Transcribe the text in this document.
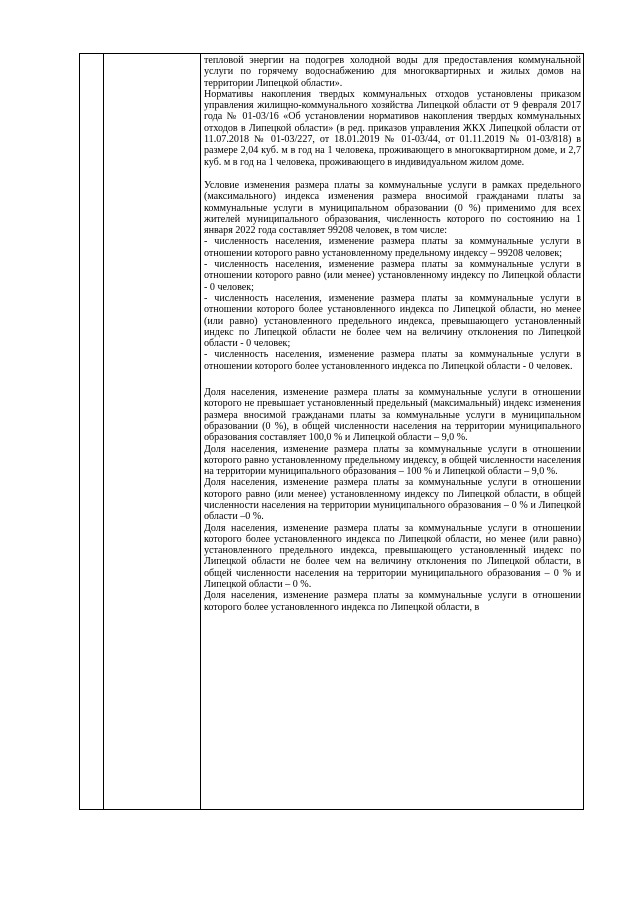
тепловой энергии на подогрев холодной воды для предоставления коммунальной услуги по горячему водоснабжению для многоквартирных и жилых домов на территории Липецкой области».

Нормативы накопления твердых коммунальных отходов установлены приказом управления жилищно-коммунального хозяйства Липецкой области от 9 февраля 2017 года № 01-03/16 «Об установлении нормативов накопления твердых коммунальных отходов в Липецкой области» (в ред. приказов управления ЖКХ Липецкой области от 11.07.2018 № 01-03/227, от 18.01.2019 № 01-03/44, от 01.11.2019 № 01-03/818) в размере 2,04 куб. м в год на 1 человека, проживающего в многоквартирном доме, и 2,7 куб. м в год на 1 человека, проживающего в индивидуальном жилом доме.

Условие изменения размера платы за коммунальные услуги в рамках предельного (максимального) индекса изменения размера вносимой гражданами платы за коммунальные услуги в муниципальном образовании (0 %) применимо для всех жителей муниципального образования, численность которого по состоянию на 1 января 2022 года составляет 99208 человек, в том числе:

- численность населения, изменение размера платы за коммунальные услуги в отношении которого равно установленному предельному индексу – 99208 человек;

- численность населения, изменение размера платы за коммунальные услуги в отношении которого равно (или менее) установленному индексу по Липецкой области - 0 человек;

- численность населения, изменение размера платы за коммунальные услуги в отношении которого более установленного индекса по Липецкой области, но менее (или равно) установленного предельного индекса, превышающего установленный индекс по Липецкой области не более чем на величину отклонения по Липецкой области - 0 человек;

- численность населения, изменение размера платы за коммунальные услуги в отношении которого более установленного индекса по Липецкой области - 0 человек.

Доля населения, изменение размера платы за коммунальные услуги в отношении которого не превышает установленный предельный (максимальный) индекс изменения размера вносимой гражданами платы за коммунальные услуги в муниципальном образовании (0 %), в общей численности населения на территории муниципального образования составляет 100,0 % и Липецкой области – 9,0 %.

Доля населения, изменение размера платы за коммунальные услуги в отношении которого равно установленному предельному индексу, в общей численности населения на территории муниципального образования – 100 % и Липецкой области – 9,0 %.

Доля населения, изменение размера платы за коммунальные услуги в отношении которого равно (или менее) установленному индексу по Липецкой области, в общей численности населения на территории муниципального образования – 0 % и Липецкой области –0 %.

Доля населения, изменение размера платы за коммунальные услуги в отношении которого более установленного индекса по Липецкой области, но менее (или равно) установленного предельного индекса, превышающего установленный индекс по Липецкой области не более чем на величину отклонения по Липецкой области, в общей численности населения на территории муниципального образования – 0 % и Липецкой области – 0 %.

Доля населения, изменение размера платы за коммунальные услуги в отношении которого более установленного индекса по Липецкой области, в
